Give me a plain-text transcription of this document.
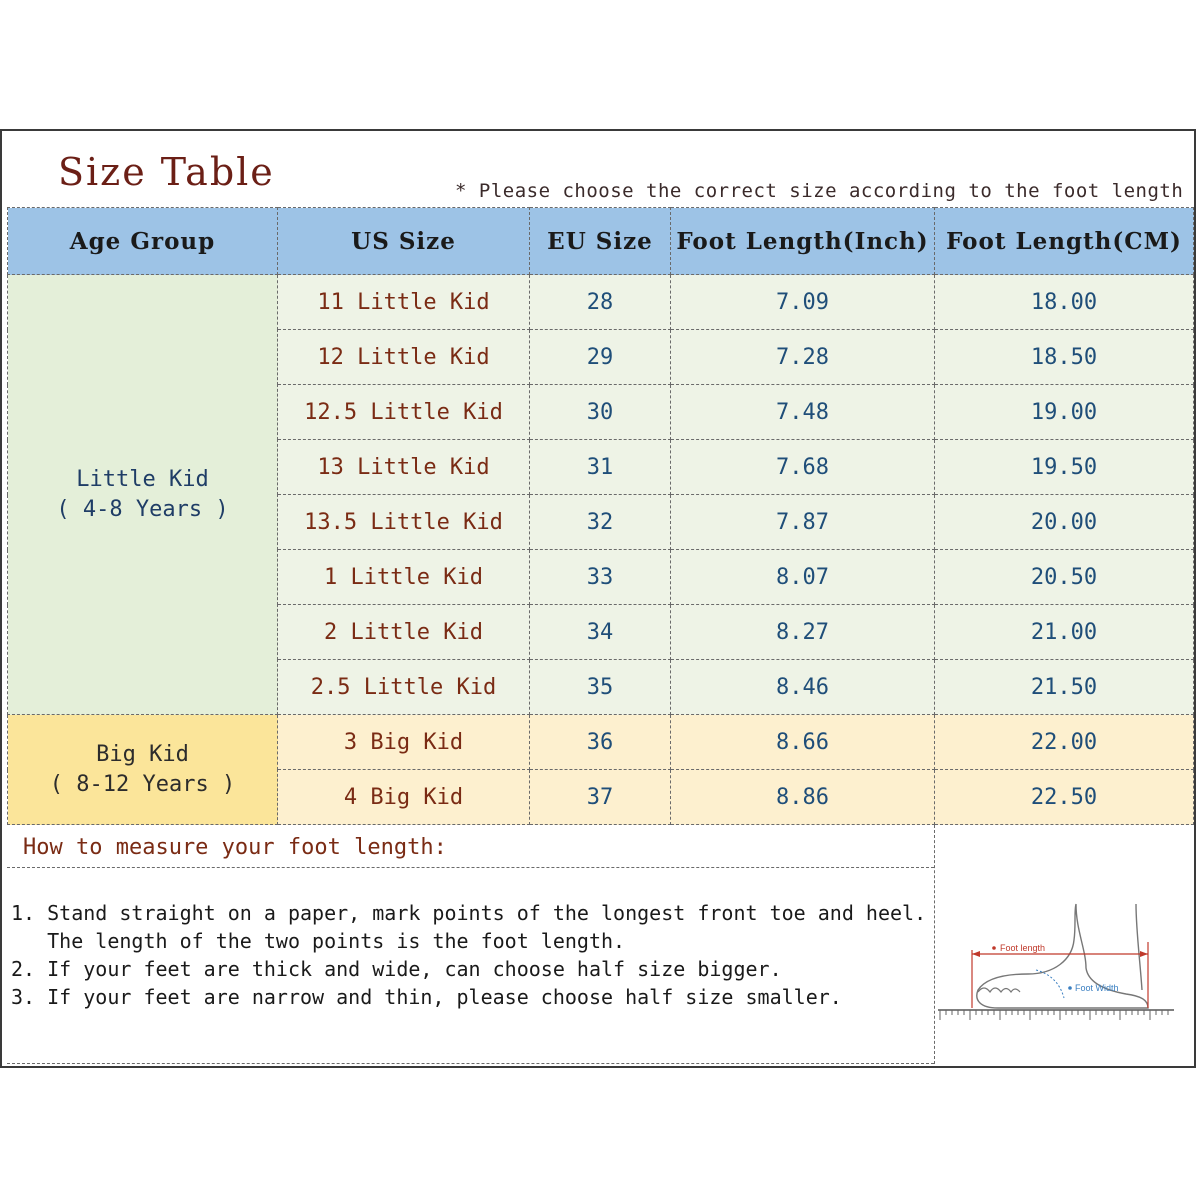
Size Table	* Please choose the correct size according to the foot length
Age Group	US Size	EU Size	Foot Length(Inch)	Foot Length(CM)

Little Kid
( 4-8 Years )	11 Little Kid	28	7.09	18.00
	12 Little Kid	29	7.28	18.50
	12.5 Little Kid	30	7.48	19.00
	13 Little Kid	31	7.68	19.50
	13.5 Little Kid	32	7.87	20.00
	1 Little Kid	33	8.07	20.50
	2 Little Kid	34	8.27	21.00
	2.5 Little Kid	35	8.46	21.50

Big Kid
( 8-12 Years )	3 Big Kid	36	8.66	22.00
	4 Big Kid	37	8.86	22.50
How to measure your foot length:
1. Stand straight on a paper, mark points of the longest front toe and heel.
The length of the two points is the foot length.
2. If your feet are thick and wide, can choose half size bigger.
3. If your feet are narrow and thin, please choose half size smaller.
Foot length
Foot Width
